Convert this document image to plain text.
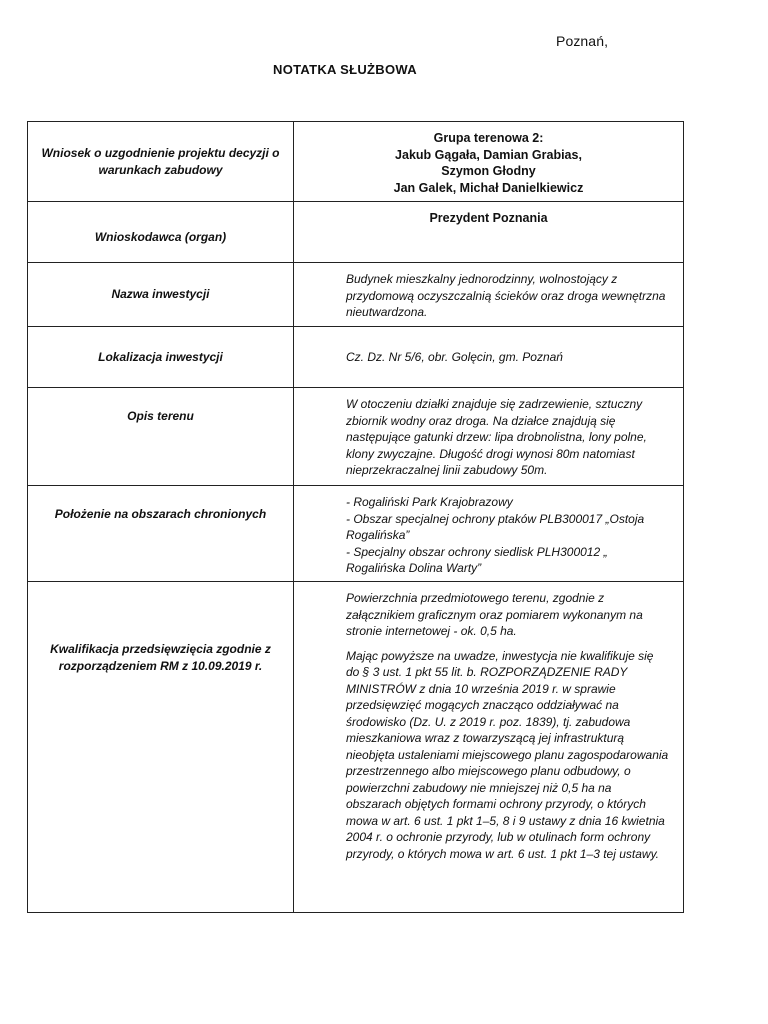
Poznań,
NOTATKA SŁUŻBOWA
Wniosek o uzgodnienie projektu decyzji o warunkach zabudowy	Grupa terenowa 2:
Jakub Gągała, Damian Grabias,
Szymon Głodny
Jan Galek, Michał Danielkiewicz

Wnioskodawca (organ)	Prezydent Poznania
Nazwa inwestycji	Budynek mieszkalny jednorodzinny, wolnostojący z przydomową oczyszczalnią ścieków oraz droga wewnętrzna nieutwardzona.
Lokalizacja inwestycji	Cz. Dz. Nr 5/6, obr. Golęcin, gm. Poznań
Opis terenu	W otoczeniu działki znajduje się zadrzewienie, sztuczny zbiornik wodny oraz droga. Na działce znajdują się następujące gatunki drzew: lipa drobnolistna, lony polne, klony zwyczajne. Długość drogi wynosi 80m natomiast nieprzekraczalnej linii zabudowy 50m.
Położenie na obszarach chronionych	- Rogaliński Park Krajobrazowy
- Obszar specjalnej ochrony ptaków PLB300017 „Ostoja Rogalińska”
- Specjalny obszar ochrony siedlisk PLH300012 „ Rogalińska Dolina Warty”

Kwalifikacja przedsięwzięcia zgodnie z rozporządzeniem RM z 10.09.2019 r.	Powierzchnia przedmiotowego terenu, zgodnie z załącznikiem graficznym oraz pomiarem wykonanym na stronie internetowej - ok. 0,5 ha.
Mając powyższe na uwadze, inwestycja nie kwalifikuje się do § 3 ust. 1 pkt 55 lit. b. ROZPORZĄDZENIE RADY MINISTRÓW z dnia 10 września 2019 r. w sprawie przedsięwzięć mogących znacząco oddziaływać na środowisko (Dz. U. z 2019 r. poz. 1839), tj. zabudowa mieszkaniowa wraz z towarzyszącą jej infrastrukturą nieobjęta ustaleniami miejscowego planu zagospodarowania przestrzennego albo miejscowego planu odbudowy, o powierzchni zabudowy nie mniejszej niż 0,5 ha na obszarach objętych formami ochrony przyrody, o których mowa w art. 6 ust. 1 pkt 1–5, 8 i 9 ustawy z dnia 16 kwietnia 2004 r. o ochronie przyrody, lub w otulinach form ochrony przyrody, o których mowa w art. 6 ust. 1 pkt 1–3 tej ustawy.
